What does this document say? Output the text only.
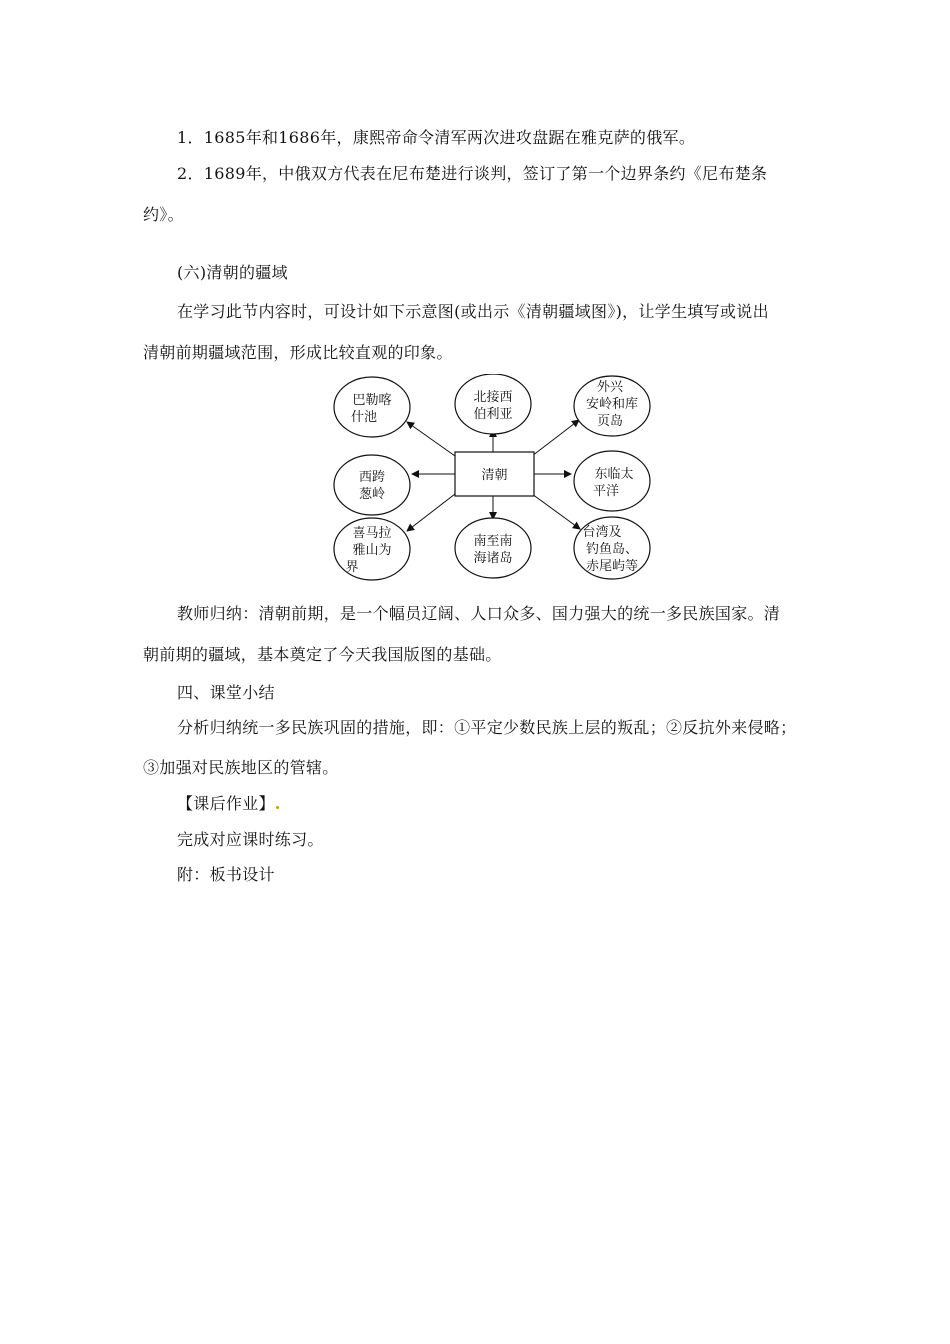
1．1685年和1686年，康熙帝命令清军两次进攻盘踞在雅克萨的俄军。
2．1689年，中俄双方代表在尼布楚进行谈判，签订了第一个边界条约《尼布楚条
约》。
(六)清朝的疆域
在学习此节内容时，可设计如下示意图(或出示《清朝疆域图》)，让学生填写或说出
清朝前期疆域范围，形成比较直观的印象。
清朝
巴勒喀
什池
北接西
伯利亚
外兴
安岭和库
页岛
西跨
葱岭
东临太
平洋
喜马拉
雅山为
界
南至南
海诸岛
台湾及
钓鱼岛、
赤尾屿等
教师归纳：清朝前期，是一个幅员辽阔、人口众多、国力强大的统一多民族国家。清
朝前期的疆域，基本奠定了今天我国版图的基础。
四、课堂小结
分析归纳统一多民族巩固的措施，即：①平定少数民族上层的叛乱；②反抗外来侵略；
③加强对民族地区的管辖。
【课后作业】
完成对应课时练习。
附：板书设计
